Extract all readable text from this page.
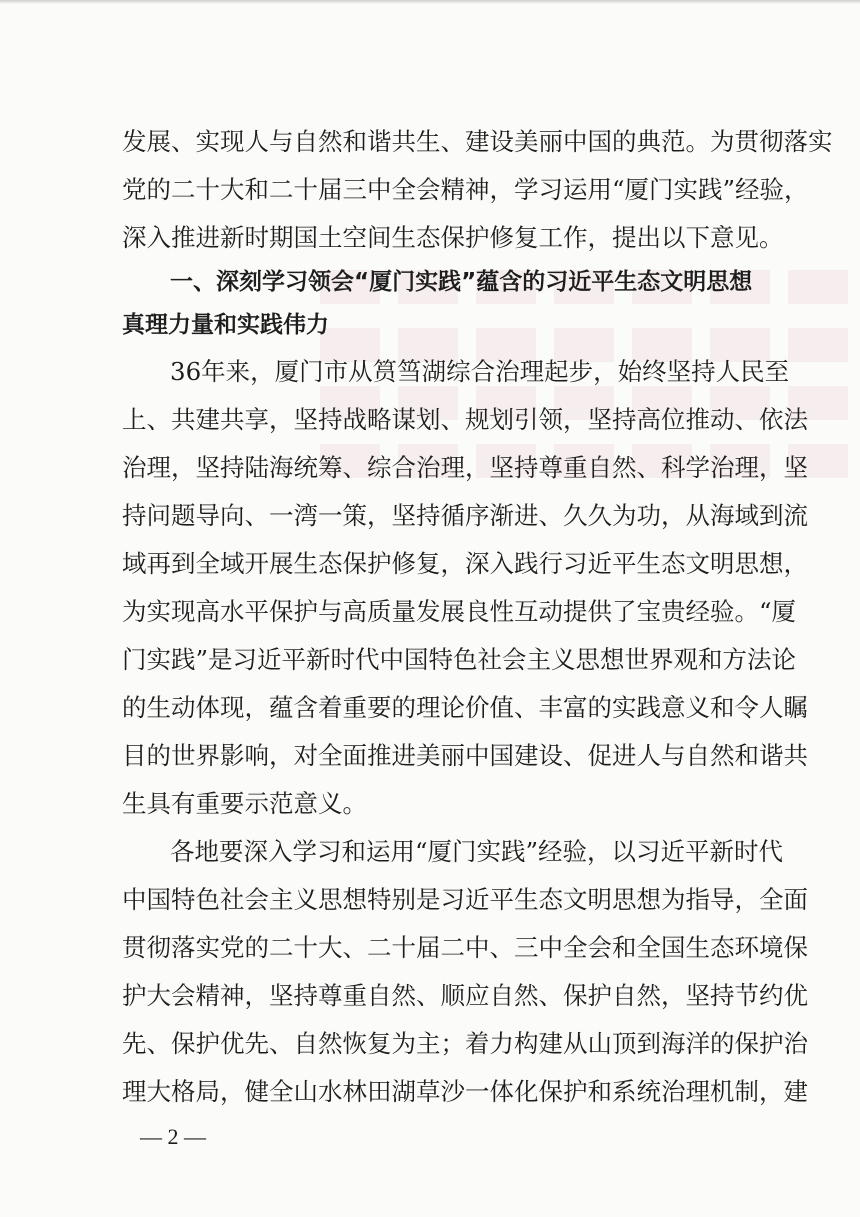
发展、实现人与自然和谐共生、建设美丽中国的典范。为贯彻落实
党的二十大和二十届三中全会精神，学习运用“厦门实践”经验，
深入推进新时期国土空间生态保护修复工作，提出以下意见。
一、深刻学习领会“厦门实践”蕴含的习近平生态文明思想
真理力量和实践伟力
36年来，厦门市从筼筜湖综合治理起步，始终坚持人民至
上、共建共享，坚持战略谋划、规划引领，坚持高位推动、依法
治理，坚持陆海统筹、综合治理，坚持尊重自然、科学治理，坚
持问题导向、一湾一策，坚持循序渐进、久久为功，从海域到流
域再到全域开展生态保护修复，深入践行习近平生态文明思想，
为实现高水平保护与高质量发展良性互动提供了宝贵经验。“厦
门实践”是习近平新时代中国特色社会主义思想世界观和方法论
的生动体现，蕴含着重要的理论价值、丰富的实践意义和令人瞩
目的世界影响，对全面推进美丽中国建设、促进人与自然和谐共
生具有重要示范意义。
各地要深入学习和运用“厦门实践”经验，以习近平新时代
中国特色社会主义思想特别是习近平生态文明思想为指导，全面
贯彻落实党的二十大、二十届二中、三中全会和全国生态环境保
护大会精神，坚持尊重自然、顺应自然、保护自然，坚持节约优
先、保护优先、自然恢复为主；着力构建从山顶到海洋的保护治
理大格局，健全山水林田湖草沙一体化保护和系统治理机制，建
— 2 —
